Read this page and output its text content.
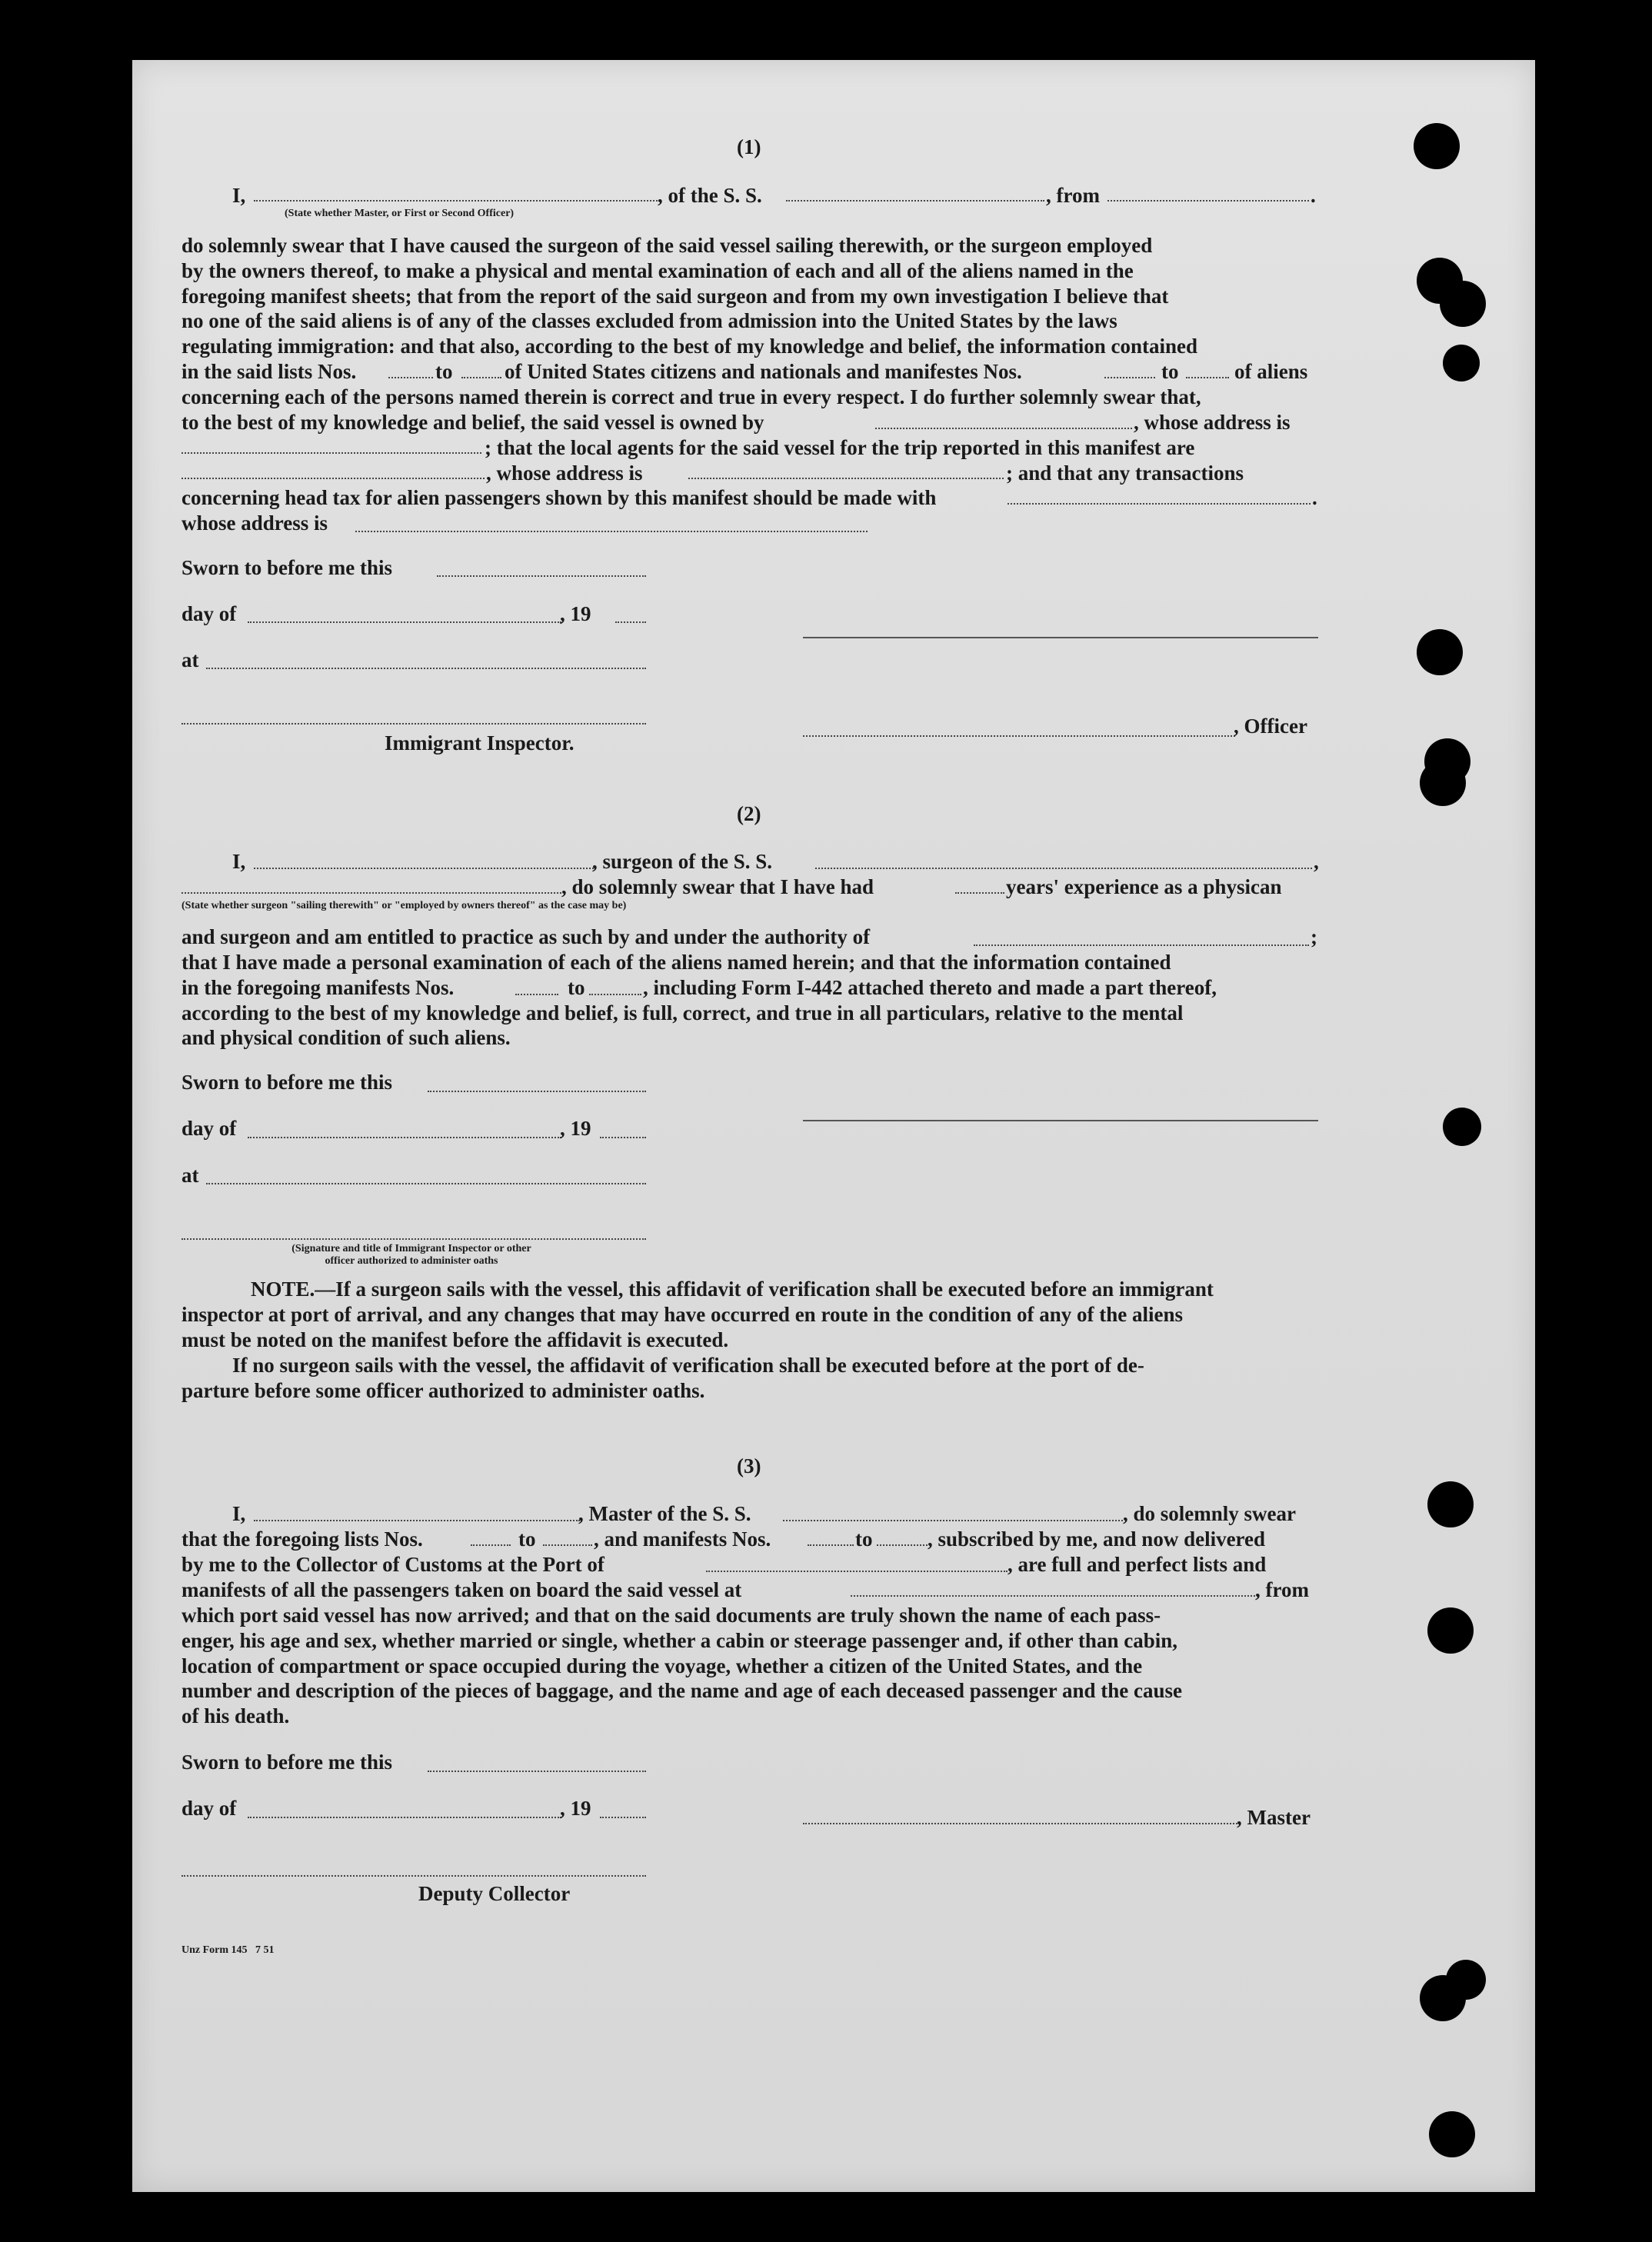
(1)
I,	, of the S. S.	, from	.
(State whether Master, or First or Second Officer)
do solemnly swear that I have caused the surgeon of the said vessel sailing therewith, or the surgeon employed
by the owners thereof, to make a physical and mental examination of each and all of the aliens named in the
foregoing manifest sheets; that from the report of the said surgeon and from my own investigation I believe that
no one of the said aliens is of any of the classes excluded from admission into the United States by the laws
regulating immigration: and that also, according to the best of my knowledge and belief, the information contained
in the said lists Nos.	to	of United States citizens and nationals and manifestes Nos.	to	of aliens
concerning each of the persons named therein is correct and true in every respect. I do further solemnly swear that,
to the best of my knowledge and belief, the said vessel is owned by	, whose address is
; that the local agents for the said vessel for the trip reported in this manifest are
, whose address is	; and that any transactions
concerning head tax for alien passengers shown by this manifest should be made with	.
whose address is
Sworn to before me this
day of	, 19
at
, Officer
Immigrant Inspector.
(2)
I,	, surgeon of the S. S.	,
, do solemnly swear that I have had	years' experience as a physican
(State whether surgeon "sailing therewith" or "employed by owners thereof" as the case may be)
and surgeon and am entitled to practice as such by and under the authority of	;
that I have made a personal examination of each of the aliens named herein; and that the information contained
in the foregoing manifests Nos.	to	, including Form I-442 attached thereto and made a part thereof,
according to the best of my knowledge and belief, is full, correct, and true in all particulars, relative to the mental
and physical condition of such aliens.
Sworn to before me this
day of	, 19
at
(Signature and title of Immigrant Inspector or other
officer authorized to administer oaths
NOTE.—If a surgeon sails with the vessel, this affidavit of verification shall be executed before an immigrant
inspector at port of arrival, and any changes that may have occurred en route in the condition of any of the aliens
must be noted on the manifest before the affidavit is executed.
If no surgeon sails with the vessel, the affidavit of verification shall be executed before at the port of de-
parture before some officer authorized to administer oaths.
(3)
I,	, Master of the S. S.	, do solemnly swear
that the foregoing lists Nos.	to	, and manifests Nos.	to	, subscribed by me, and now delivered
by me to the Collector of Customs at the Port of	, are full and perfect lists and
manifests of all the passengers taken on board the said vessel at	, from
which port said vessel has now arrived; and that on the said documents are truly shown the name of each pass-
enger, his age and sex, whether married or single, whether a cabin or steerage passenger and, if other than cabin,
location of compartment or space occupied during the voyage, whether a citizen of the United States, and the
number and description of the pieces of baggage, and the name and age of each deceased passenger and the cause
of his death.
Sworn to before me this
day of	, 19	, Master
Deputy Collector
Unz Form 145   7 51
